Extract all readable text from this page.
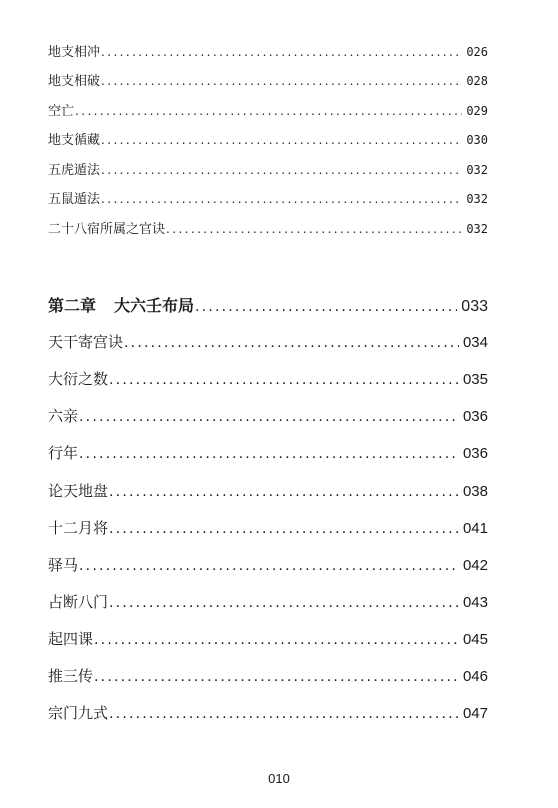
地支相冲 .....	026
地支相破 .....	028
空亡 .....	029
地支循藏 .....	030
五虎遁法 .....	032
五鼠遁法 .....	032
二十八宿所属之官诀 .....	032
第二章 大六壬布局 .....	033
天干寄宫诀 .....	034
大衍之数 .....	035
六亲 .....	036
行年 .....	036
论天地盘 .....	038
十二月将 .....	041
驿马 .....	042
占断八门 .....	043
起四课 .....	045
推三传 .....	046
宗门九式 .....	047
010
